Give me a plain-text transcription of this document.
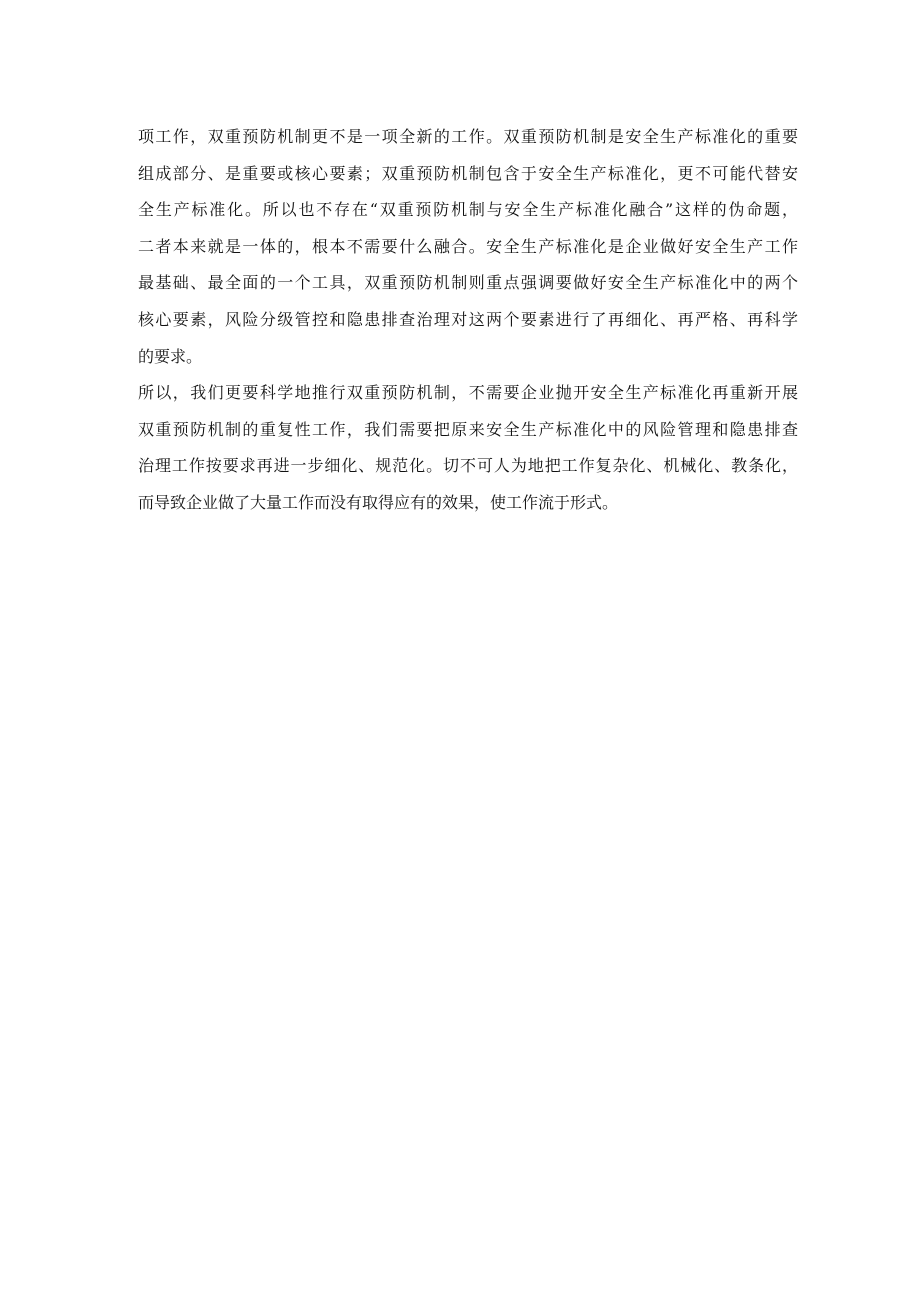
项工作，双重预防机制更不是一项全新的工作。双重预防机制是安全生产标准化的重要
组成部分、是重要或核心要素；双重预防机制包含于安全生产标准化，更不可能代替安
全生产标准化。所以也不存在“双重预防机制与安全生产标准化融合”这样的伪命题，
二者本来就是一体的，根本不需要什么融合。安全生产标准化是企业做好安全生产工作
最基础、最全面的一个工具，双重预防机制则重点强调要做好安全生产标准化中的两个
核心要素，风险分级管控和隐患排查治理对这两个要素进行了再细化、再严格、再科学
的要求。
所以，我们更要科学地推行双重预防机制，不需要企业抛开安全生产标准化再重新开展
双重预防机制的重复性工作，我们需要把原来安全生产标准化中的风险管理和隐患排查
治理工作按要求再进一步细化、规范化。切不可人为地把工作复杂化、机械化、教条化，
而导致企业做了大量工作而没有取得应有的效果，使工作流于形式。
